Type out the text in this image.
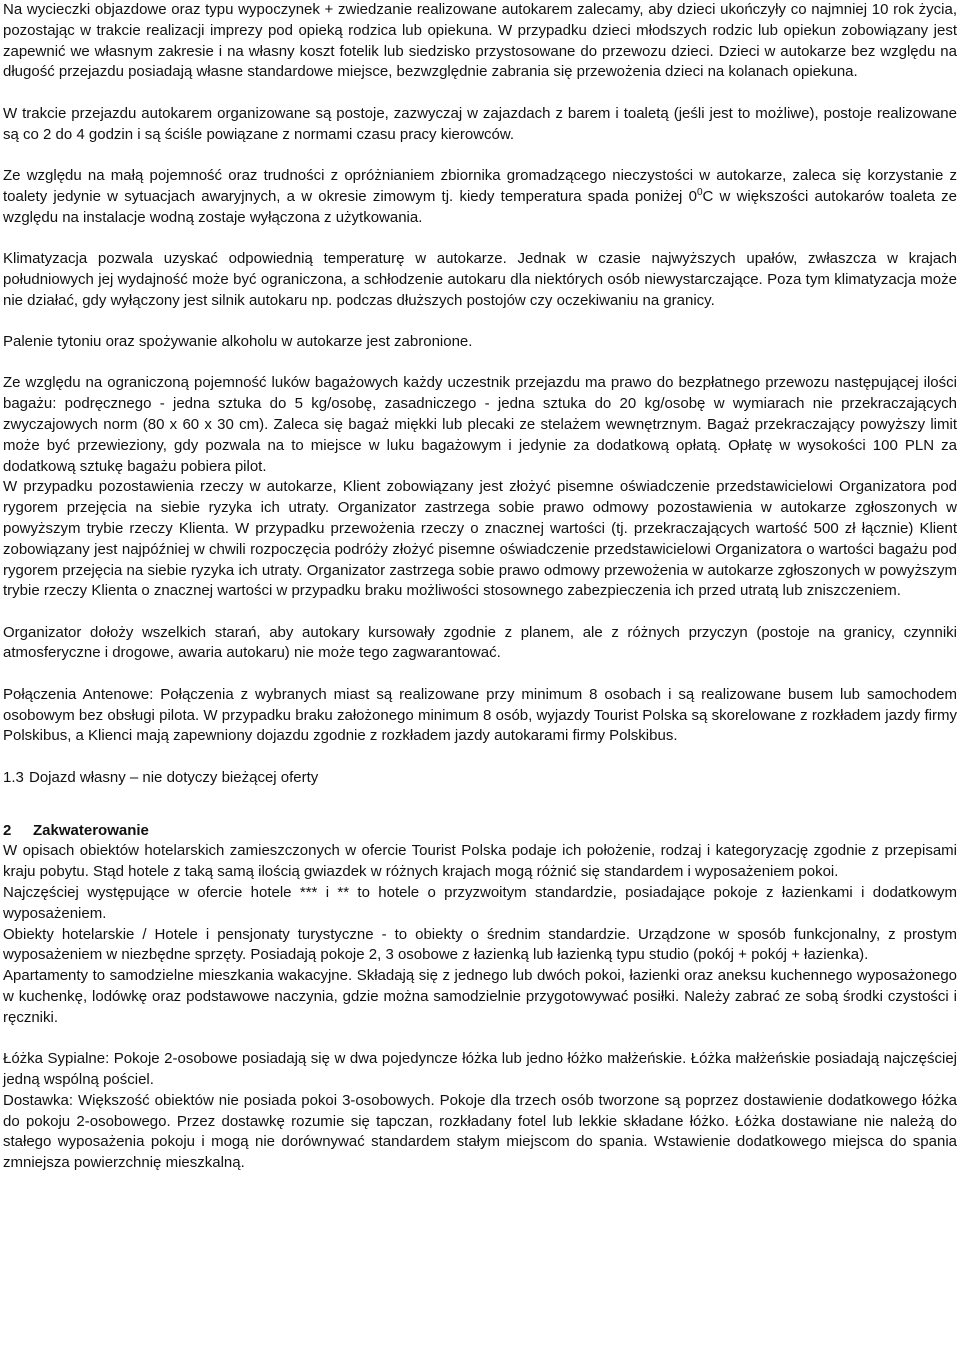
Na wycieczki objazdowe oraz typu wypoczynek + zwiedzanie realizowane autokarem zalecamy, aby dzieci ukończyły co najmniej 10 rok życia, pozostając w trakcie realizacji imprezy pod opieką rodzica lub opiekuna. W przypadku dzieci młodszych rodzic lub opiekun zobowiązany jest zapewnić we własnym zakresie i na własny koszt fotelik lub siedzisko przystosowane do przewozu dzieci. Dzieci w autokarze bez względu na długość przejazdu posiadają własne standardowe miejsce, bezwzględnie zabrania się przewożenia dzieci na kolanach opiekuna.

W trakcie przejazdu autokarem organizowane są postoje, zazwyczaj w zajazdach z barem i toaletą (jeśli jest to możliwe), postoje realizowane są co 2 do 4 godzin i są ściśle powiązane z normami czasu pracy kierowców.

Ze względu na małą pojemność oraz trudności z opróżnianiem zbiornika gromadzącego nieczystości w autokarze, zaleca się korzystanie z toalety jedynie w sytuacjach awaryjnych, a w okresie zimowym tj. kiedy temperatura spada poniżej $0^0C$ w większości autokarów toaleta ze względu na instalacje wodną zostaje wyłączona z użytkowania.

Klimatyzacja pozwala uzyskać odpowiednią temperaturę w autokarze. Jednak w czasie najwyższych upałów, zwłaszcza w krajach południowych jej wydajność może być ograniczona, a schłodzenie autokaru dla niektórych osób niewystarczające. Poza tym klimatyzacja może nie działać, gdy wyłączony jest silnik autokaru np. podczas dłuższych postojów czy oczekiwaniu na granicy.

Palenie tytoniu oraz spożywanie alkoholu w autokarze jest zabronione.

Ze względu na ograniczoną pojemność luków bagażowych każdy uczestnik przejazdu ma prawo do bezpłatnego przewozu następującej ilości bagażu: podręcznego - jedna sztuka do 5 kg/osobę, zasadniczego - jedna sztuka do 20 kg/osobę w wymiarach nie przekraczających zwyczajowych norm (80 x 60 x 30 cm). Zaleca się bagaż miękki lub plecaki ze stelażem wewnętrznym. Bagaż przekraczający powyższy limit może być przewieziony, gdy pozwala na to miejsce w luku bagażowym i jedynie za dodatkową opłatą. Opłatę w wysokości 100 PLN za dodatkową sztukę bagażu pobiera pilot.

W przypadku pozostawienia rzeczy w autokarze, Klient zobowiązany jest złożyć pisemne oświadczenie przedstawicielowi Organizatora pod rygorem przejęcia na siebie ryzyka ich utraty. Organizator zastrzega sobie prawo odmowy pozostawienia w autokarze zgłoszonych w powyższym trybie rzeczy Klienta. W przypadku przewożenia rzeczy o znacznej wartości (tj. przekraczających wartość 500 zł łącznie) Klient zobowiązany jest najpóźniej w chwili rozpoczęcia podróży złożyć pisemne oświadczenie przedstawicielowi Organizatora o wartości bagażu pod rygorem przejęcia na siebie ryzyka ich utraty. Organizator zastrzega sobie prawo odmowy przewożenia w autokarze zgłoszonych w powyższym trybie rzeczy Klienta o znacznej wartości w przypadku braku możliwości stosownego zabezpieczenia ich przed utratą lub zniszczeniem.

Organizator dołoży wszelkich starań, aby autokary kursowały zgodnie z planem, ale z różnych przyczyn (postoje na granicy, czynniki atmosferyczne i drogowe, awaria autokaru) nie może tego zagwarantować.

Połączenia Antenowe: Połączenia z wybranych miast są realizowane przy minimum 8 osobach i są realizowane busem lub samochodem osobowym bez obsługi pilota. W przypadku braku założonego minimum 8 osób, wyjazdy Tourist Polska są skorelowane z rozkładem jazdy firmy Polskibus, a Klienci mają zapewniony dojazdu zgodnie z rozkładem jazdy autokarami firmy Polskibus.

1.3 Dojazd własny – nie dotyczy bieżącej oferty

2 Zakwaterowanie

W opisach obiektów hotelarskich zamieszczonych w ofercie Tourist Polska podaje ich położenie, rodzaj i kategoryzację zgodnie z przepisami kraju pobytu. Stąd hotele z taką samą ilością gwiazdek w różnych krajach mogą różnić się standardem i wyposażeniem pokoi.

Najczęściej występujące w ofercie hotele *** i ** to hotele o przyzwoitym standardzie, posiadające pokoje z łazienkami i dodatkowym wyposażeniem.

Obiekty hotelarskie / Hotele i pensjonaty turystyczne - to obiekty o średnim standardzie. Urządzone w sposób funkcjonalny, z prostym wyposażeniem w niezbędne sprzęty. Posiadają pokoje 2, 3 osobowe z łazienką lub łazienką typu studio (pokój + pokój + łazienka).

Apartamenty to samodzielne mieszkania wakacyjne. Składają się z jednego lub dwóch pokoi, łazienki oraz aneksu kuchennego wyposażonego w kuchenkę, lodówkę oraz podstawowe naczynia, gdzie można samodzielnie przygotowywać posiłki. Należy zabrać ze sobą środki czystości i ręczniki.

Łóżka Sypialne: Pokoje 2-osobowe posiadają się w dwa pojedyncze łóżka lub jedno łóżko małżeńskie. Łóżka małżeńskie posiadają najczęściej jedną wspólną pościel.

Dostawka: Większość obiektów nie posiada pokoi 3-osobowych. Pokoje dla trzech osób tworzone są poprzez dostawienie dodatkowego łóżka do pokoju 2-osobowego. Przez dostawkę rozumie się tapczan, rozkładany fotel lub lekkie składane łóżko. Łóżka dostawiane nie należą do stałego wyposażenia pokoju i mogą nie dorównywać standardem stałym miejscom do spania. Wstawienie dodatkowego miejsca do spania zmniejsza powierzchnię mieszkalną.
